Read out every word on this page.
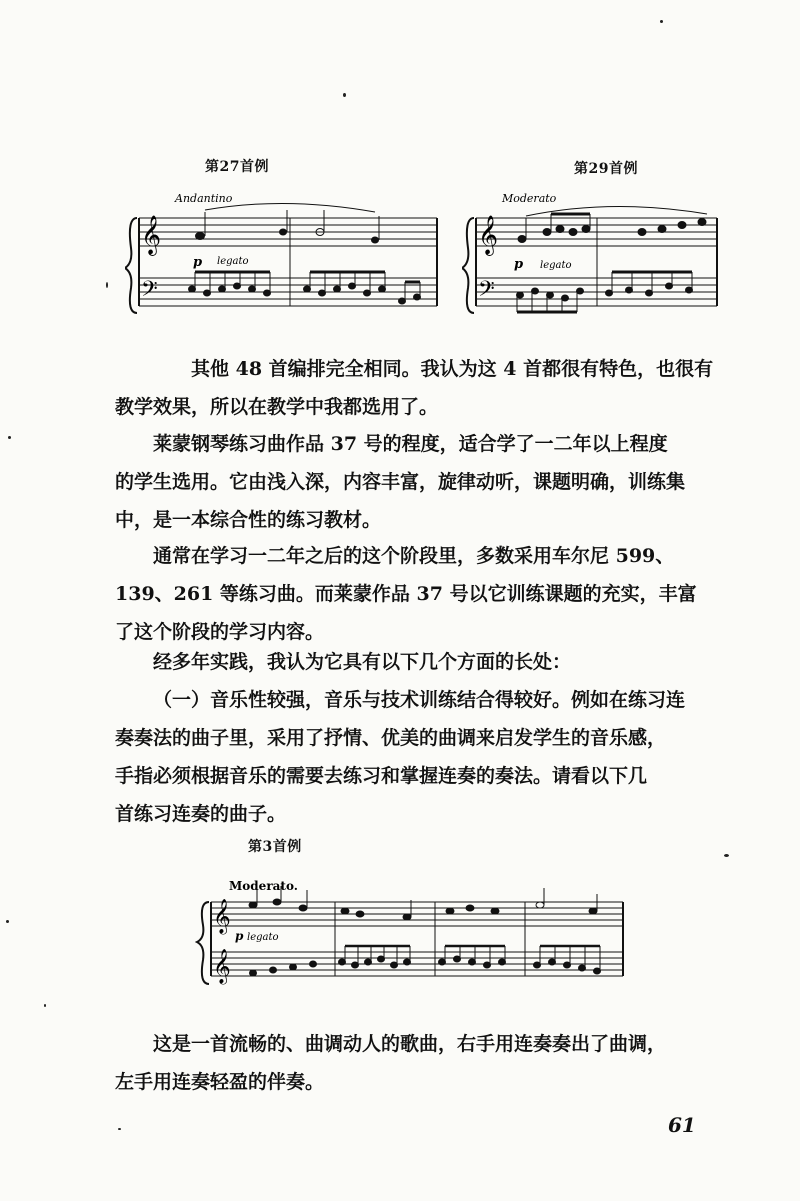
第27首例	第29首例
Andantino
𝄞
𝄢
p legato
Moderato
𝄞
𝄢
p legato
其他 48 首编排完全相同。我认为这 4 首都很有特色，也很有
教学效果，所以在教学中我都选用了。
莱蒙钢琴练习曲作品 37 号的程度，适合学了一二年以上程度
的学生选用。它由浅入深，内容丰富，旋律动听，课题明确，训练集
中，是一本综合性的练习教材。
通常在学习一二年之后的这个阶段里，多数采用车尔尼 599、
139、261 等练习曲。而莱蒙作品 37 号以它训练课题的充实，丰富
了这个阶段的学习内容。
经多年实践，我认为它具有以下几个方面的长处：
（一）音乐性较强，音乐与技术训练结合得较好。例如在练习连
奏奏法的曲子里，采用了抒情、优美的曲调来启发学生的音乐感，
手指必须根据音乐的需要去练习和掌握连奏的奏法。请看以下几
首练习连奏的曲子。
第3首例
Moderato.
𝄞
𝄞
p legato
这是一首流畅的、曲调动人的歌曲，右手用连奏奏出了曲调，
左手用连奏轻盈的伴奏。
61
